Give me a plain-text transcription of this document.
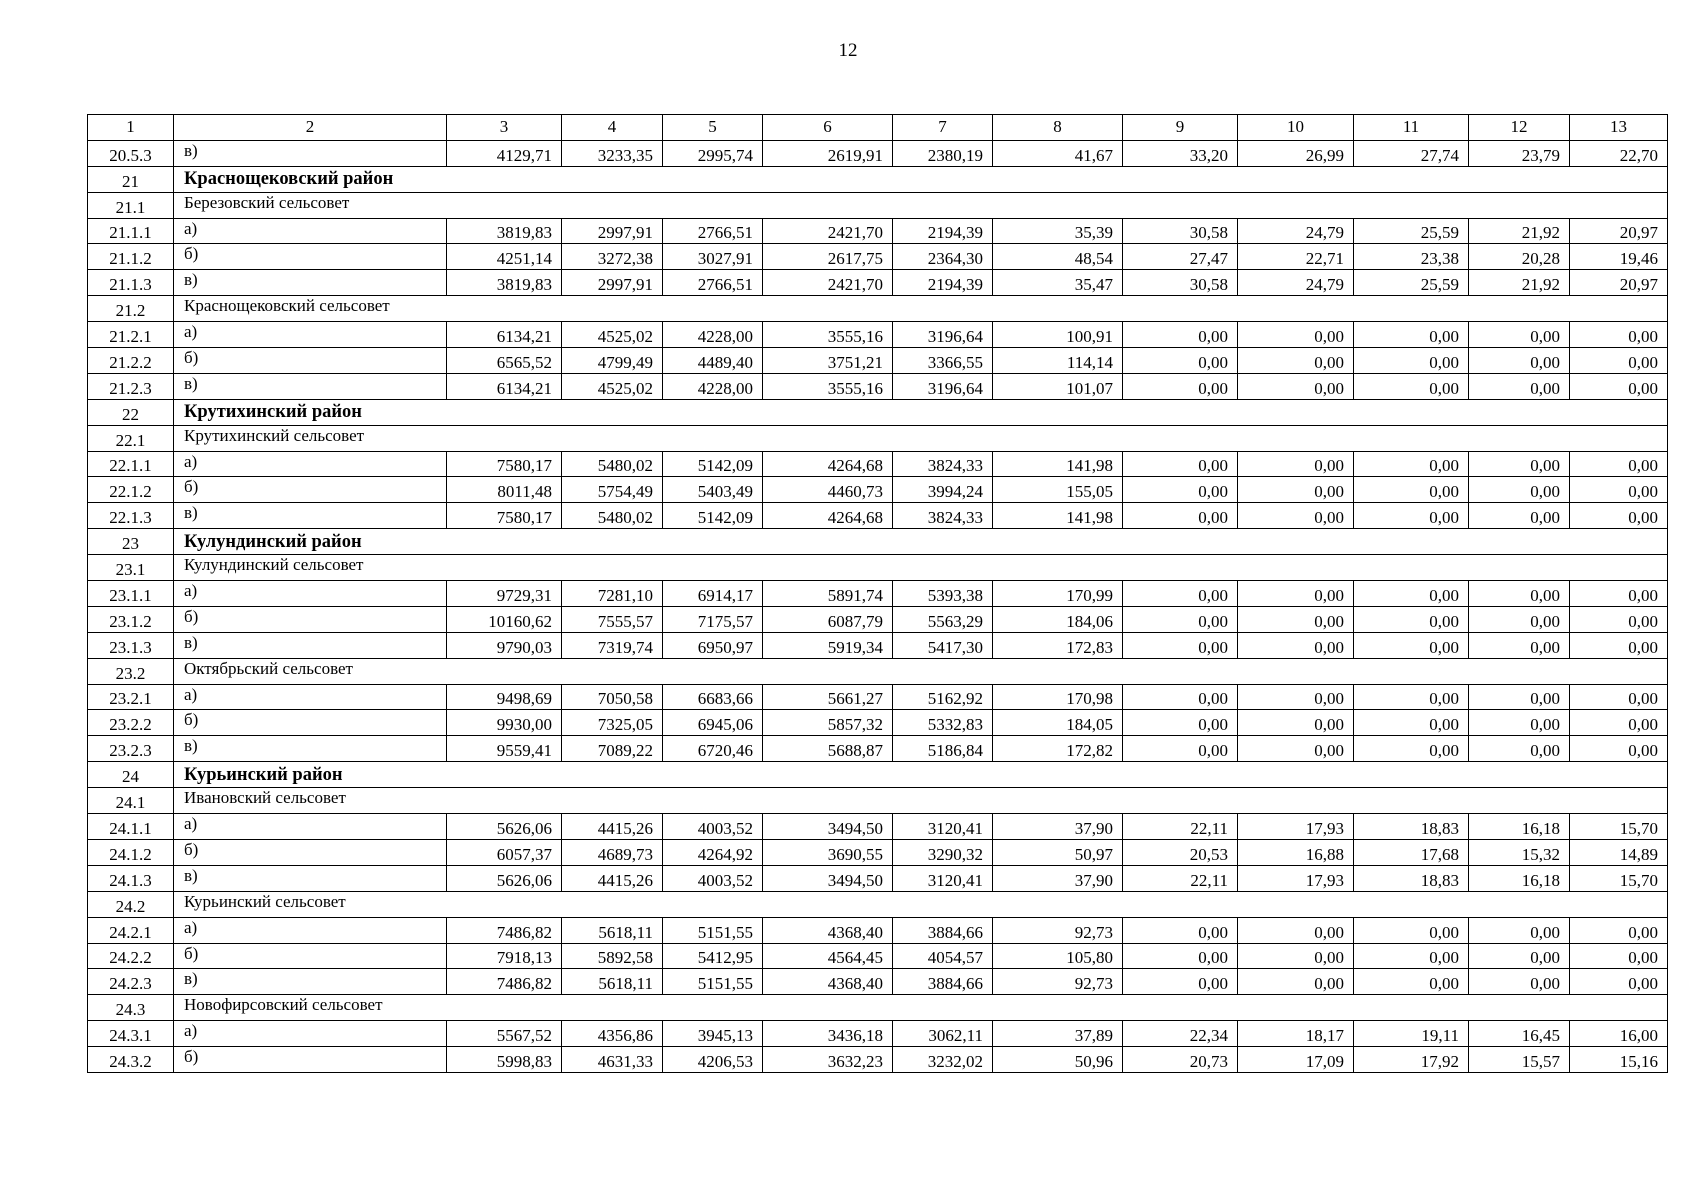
12
1	2	3	4	5	6	7	8	9	10	11	12	13
20.5.3	в)	4129,71	3233,35	2995,74	2619,91	2380,19	41,67	33,20	26,99	27,74	23,79	22,70
21	Краснощековский район											
21.1	Березовский сельсовет											
21.1.1	а)	3819,83	2997,91	2766,51	2421,70	2194,39	35,39	30,58	24,79	25,59	21,92	20,97
21.1.2	б)	4251,14	3272,38	3027,91	2617,75	2364,30	48,54	27,47	22,71	23,38	20,28	19,46
21.1.3	в)	3819,83	2997,91	2766,51	2421,70	2194,39	35,47	30,58	24,79	25,59	21,92	20,97
21.2	Краснощековский сельсовет											
21.2.1	а)	6134,21	4525,02	4228,00	3555,16	3196,64	100,91	0,00	0,00	0,00	0,00	0,00
21.2.2	б)	6565,52	4799,49	4489,40	3751,21	3366,55	114,14	0,00	0,00	0,00	0,00	0,00
21.2.3	в)	6134,21	4525,02	4228,00	3555,16	3196,64	101,07	0,00	0,00	0,00	0,00	0,00
22	Крутихинский район											
22.1	Крутихинский сельсовет											
22.1.1	а)	7580,17	5480,02	5142,09	4264,68	3824,33	141,98	0,00	0,00	0,00	0,00	0,00
22.1.2	б)	8011,48	5754,49	5403,49	4460,73	3994,24	155,05	0,00	0,00	0,00	0,00	0,00
22.1.3	в)	7580,17	5480,02	5142,09	4264,68	3824,33	141,98	0,00	0,00	0,00	0,00	0,00
23	Кулундинский район											
23.1	Кулундинский сельсовет											
23.1.1	а)	9729,31	7281,10	6914,17	5891,74	5393,38	170,99	0,00	0,00	0,00	0,00	0,00
23.1.2	б)	10160,62	7555,57	7175,57	6087,79	5563,29	184,06	0,00	0,00	0,00	0,00	0,00
23.1.3	в)	9790,03	7319,74	6950,97	5919,34	5417,30	172,83	0,00	0,00	0,00	0,00	0,00
23.2	Октябрьский сельсовет											
23.2.1	а)	9498,69	7050,58	6683,66	5661,27	5162,92	170,98	0,00	0,00	0,00	0,00	0,00
23.2.2	б)	9930,00	7325,05	6945,06	5857,32	5332,83	184,05	0,00	0,00	0,00	0,00	0,00
23.2.3	в)	9559,41	7089,22	6720,46	5688,87	5186,84	172,82	0,00	0,00	0,00	0,00	0,00
24	Курьинский район											
24.1	Ивановский сельсовет											
24.1.1	а)	5626,06	4415,26	4003,52	3494,50	3120,41	37,90	22,11	17,93	18,83	16,18	15,70
24.1.2	б)	6057,37	4689,73	4264,92	3690,55	3290,32	50,97	20,53	16,88	17,68	15,32	14,89
24.1.3	в)	5626,06	4415,26	4003,52	3494,50	3120,41	37,90	22,11	17,93	18,83	16,18	15,70
24.2	Курьинский сельсовет											
24.2.1	а)	7486,82	5618,11	5151,55	4368,40	3884,66	92,73	0,00	0,00	0,00	0,00	0,00
24.2.2	б)	7918,13	5892,58	5412,95	4564,45	4054,57	105,80	0,00	0,00	0,00	0,00	0,00
24.2.3	в)	7486,82	5618,11	5151,55	4368,40	3884,66	92,73	0,00	0,00	0,00	0,00	0,00
24.3	Новофирсовский сельсовет											
24.3.1	а)	5567,52	4356,86	3945,13	3436,18	3062,11	37,89	22,34	18,17	19,11	16,45	16,00
24.3.2	б)	5998,83	4631,33	4206,53	3632,23	3232,02	50,96	20,73	17,09	17,92	15,57	15,16
